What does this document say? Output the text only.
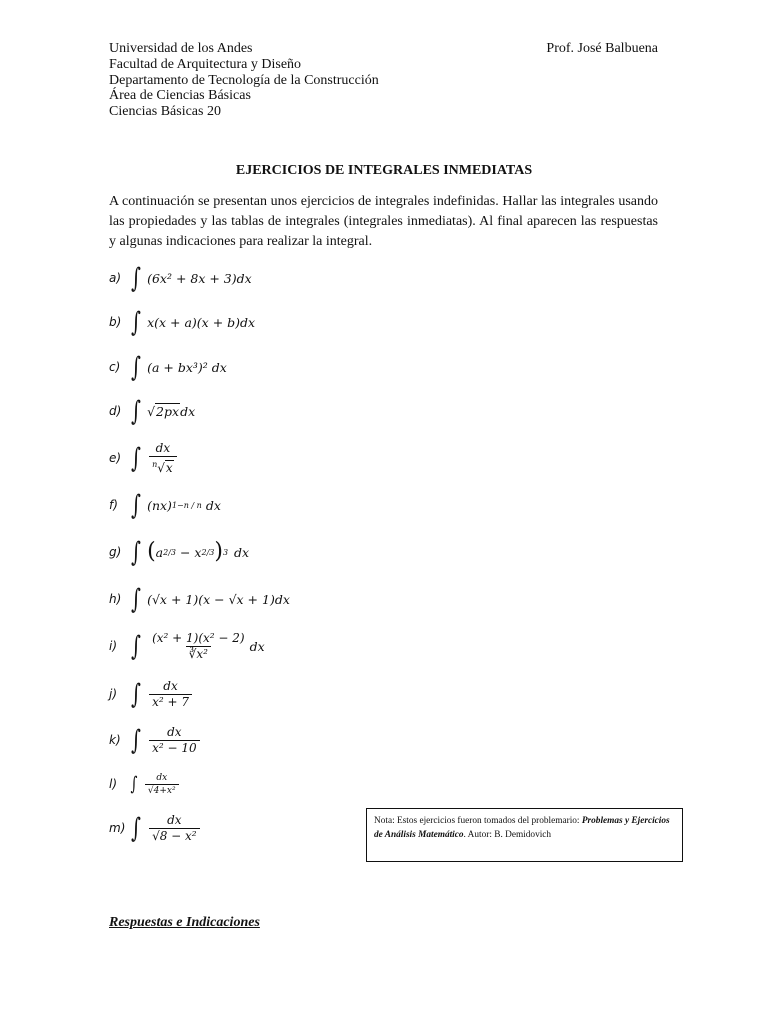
Universidad de los Andes
Facultad de Arquitectura y Diseño
Departamento de Tecnología de la Construcción
Área de Ciencias Básicas
Ciencias Básicas 20
Prof. José Balbuena
EJERCICIOS DE INTEGRALES INMEDIATAS
A continuación se presentan unos ejercicios de integrales indefinidas. Hallar las integrales usando las propiedades y las tablas de integrales (integrales inmediatas). Al final aparecen las respuestas y algunas indicaciones para realizar la integral.
a) ∫ (6x² + 8x + 3)dx
b) ∫ x(x + a)(x + b)dx
c) ∫ (a + bx³)² dx
d) ∫ √ 2px dx
e) ∫ $\frac{dx}{^n√x}$
f) ∫ (nx) 1−n / n dx
g) ∫ ( a 2/3 − x 2/3 ) 3 dx
h) ∫ (√x + 1)(x − √x + 1)dx
i) ∫ $\frac{\text{(x² + 1)(x² − 2)}}{\text{∛x²}}$ dx
j) ∫ $\frac{dx}{\text{x² + 7}}$
k) ∫ $\frac{dx}{\text{x² − 10}}$
l) ∫ $\frac{dx}{\text{√4+x²}}$
m) ∫ $\frac{dx}{\text{√8 − x²}}$	Nota: Estos ejercicios fueron tomados del problemario: Problemas y Ejercicios de Análisis Matemático. Autor: B. Demidovich
Respuestas e Indicaciones
